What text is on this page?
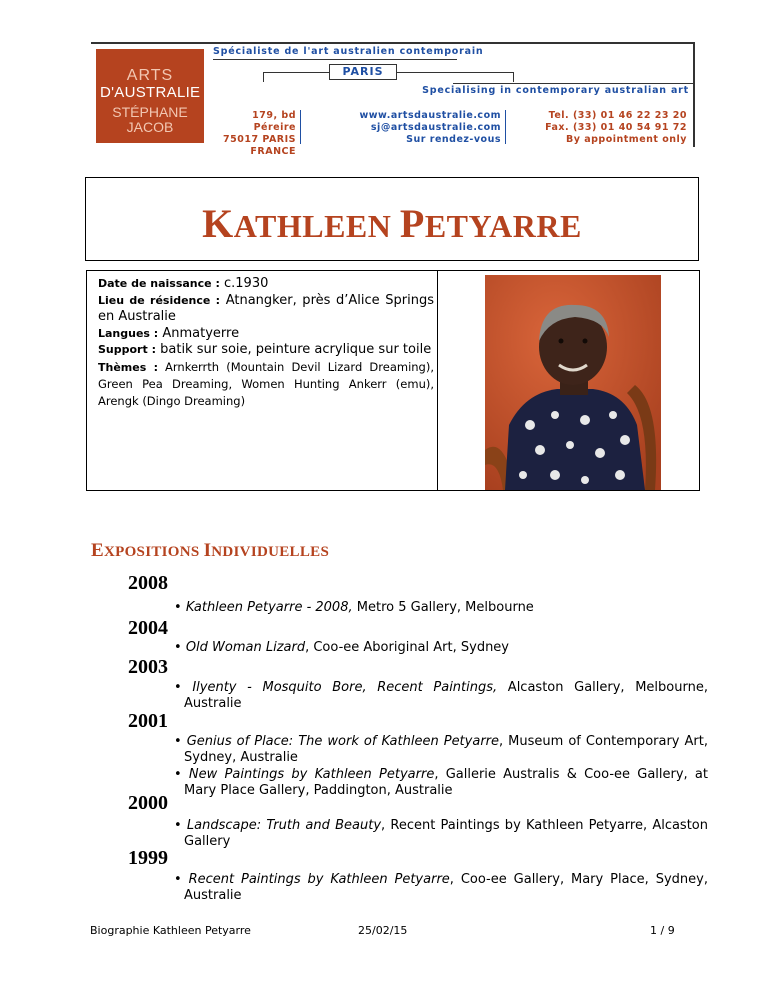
ARTS
D'AUSTRALIE
STÉPHANE
JACOB
Spécialiste de l'art australien contemporain
PARIS
Specialising in contemporary australian art
179, bd Péreire
75017 PARIS
FRANCE
www.artsdaustralie.com
sj@artsdaustralie.com
Sur rendez-vous
Tel. (33) 01 46 22 23 20
Fax. (33) 01 40 54 91 72
By appointment only
KATHLEEN PETYARRE

Date de naissance : c.1930

Lieu de résidence : Atnangker, près d’Alice Springs en Australie

Langues : Anmatyerre

Support : batik sur soie, peinture acrylique sur toile

Thèmes : Arnkerrth (Mountain Devil Lizard Dreaming), Green Pea Dreaming, Women Hunting Ankerr (emu), Arengk (Dingo Dreaming)

EXPOSITIONS INDIVIDUELLES
2008
• Kathleen Petyarre - 2008, Metro 5 Gallery, Melbourne
2004
• Old Woman Lizard, Coo-ee Aboriginal Art, Sydney
2003
• Ilyenty - Mosquito Bore, Recent Paintings, Alcaston Gallery, Melbourne, Australie
2001
• Genius of Place: The work of Kathleen Petyarre, Museum of Contemporary Art, Sydney, Australie
• New Paintings by Kathleen Petyarre, Gallerie Australis & Coo-ee Gallery, at Mary Place Gallery, Paddington, Australie
2000
• Landscape: Truth and Beauty, Recent Paintings by Kathleen Petyarre, Alcaston Gallery
1999
• Recent Paintings by Kathleen Petyarre, Coo-ee Gallery, Mary Place, Sydney, Australie
Biographie Kathleen Petyarre	25/02/15	1 / 9
